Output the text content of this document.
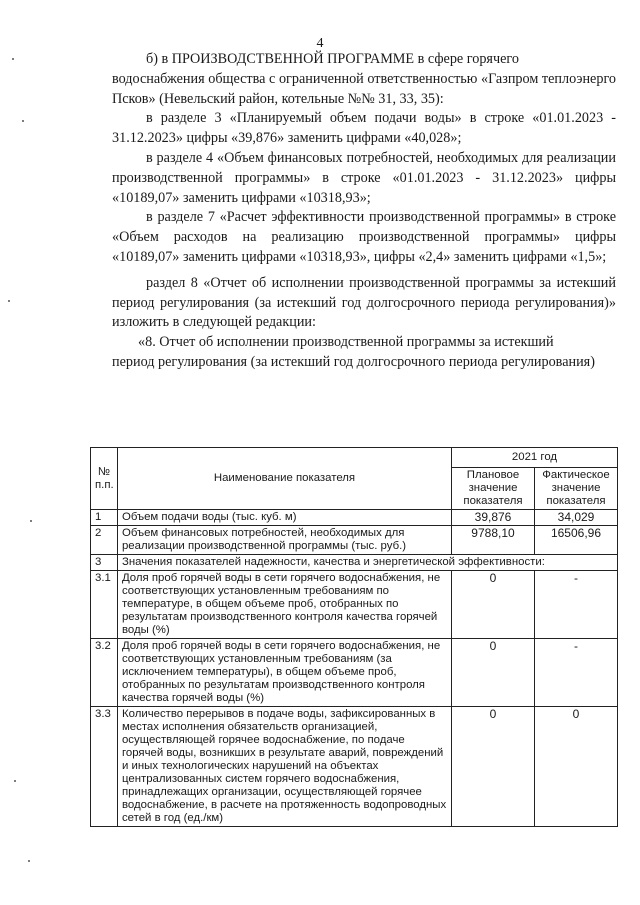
4

б) в ПРОИЗВОДСТВЕННОЙ ПРОГРАММЕ в сфере горячего

водоснабжения общества с ограниченной ответственностью «Газпром теплоэнерго Псков» (Невельский район, котельные №№ 31, 33, 35):

в разделе 3 «Планируемый объем подачи воды» в строке «01.01.2023 - 31.12.2023» цифры «39,876» заменить цифрами «40,028»;

в разделе 4 «Объем финансовых потребностей, необходимых для реализации производственной программы» в строке «01.01.2023 - 31.12.2023» цифры «10189,07» заменить цифрами «10318,93»;

в разделе 7 «Расчет эффективности производственной программы» в строке «Объем расходов на реализацию производственной программы» цифры «10189,07» заменить цифрами «10318,93», цифры «2,4» заменить цифрами «1,5»;

раздел 8 «Отчет об исполнении производственной программы за истекший период регулирования (за истекший год долгосрочного периода регулирования)» изложить в следующей редакции:

«8. Отчет об исполнении производственной программы за истекший

период регулирования (за истекший год долгосрочного периода регулирования)

№ п.п.	Наименование показателя	2021 год	
		Плановое значение показателя	Фактическое значение показателя
1	Объем подачи воды (тыс. куб. м)	39,876	34,029
2	Объем финансовых потребностей, необходимых для реализации производственной программы (тыс. руб.)	9788,10	16506,96
3	Значения показателей надежности, качества и энергетической эффективности:		
3.1	Доля проб горячей воды в сети горячего водоснабжения, не соответствующих установленным требованиям по температуре, в общем объеме проб, отобранных по результатам производственного контроля качества горячей воды (%)	0	-
3.2	Доля проб горячей воды в сети горячего водоснабжения, не соответствующих установленным требованиям (за исключением температуры), в общем объеме проб, отобранных по результатам производственного контроля качества горячей воды (%)	0	-
3.3	Количество перерывов в подаче воды, зафиксированных в местах исполнения обязательств организацией, осуществляющей горячее водоснабжение, по подаче горячей воды, возникших в результате аварий, повреждений и иных технологических нарушений на объектах централизованных систем горячего водоснабжения, принадлежащих организации, осуществляющей горячее водоснабжение, в расчете на протяженность водопроводных сетей в год (ед./км)	0	0
